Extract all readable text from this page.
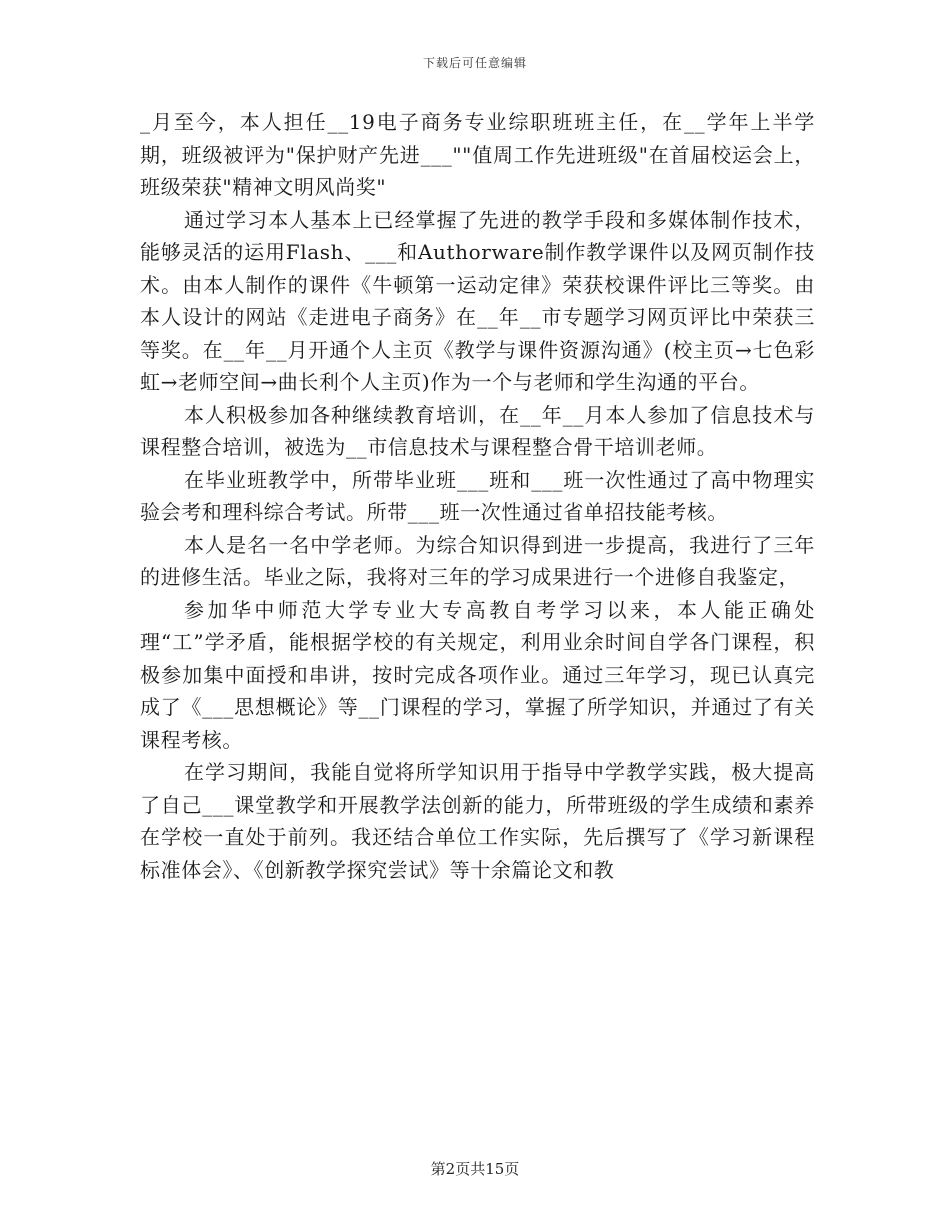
下载后可任意编辑

_月至今，本人担任__19电子商务专业综职班班主任，在__学年上半学期，班级被评为"保护财产先进___""值周工作先进班级"在首届校运会上，班级荣获"精神文明风尚奖"

通过学习本人基本上已经掌握了先进的教学手段和多媒体制作技术，能够灵活的运用Flash、___和Authorware制作教学课件以及网页制作技术。由本人制作的课件《牛顿第一运动定律》荣获校课件评比三等奖。由本人设计的网站《走进电子商务》在__年__市专题学习网页评比中荣获三等奖。在__年__月开通个人主页《教学与课件资源沟通》(校主页→七色彩虹→老师空间→曲长利个人主页)作为一个与老师和学生沟通的平台。

本人积极参加各种继续教育培训，在__年__月本人参加了信息技术与课程整合培训，被选为__市信息技术与课程整合骨干培训老师。

在毕业班教学中，所带毕业班___班和___班一次性通过了高中物理实验会考和理科综合考试。所带___班一次性通过省单招技能考核。

本人是名一名中学老师。为综合知识得到进一步提高，我进行了三年的进修生活。毕业之际，我将对三年的学习成果进行一个进修自我鉴定，

参加华中师范大学专业大专高教自考学习以来，本人能正确处理“工”学矛盾，能根据学校的有关规定，利用业余时间自学各门课程，积极参加集中面授和串讲，按时完成各项作业。通过三年学习，现已认真完成了《___思想概论》等__门课程的学习，掌握了所学知识，并通过了有关课程考核。

在学习期间，我能自觉将所学知识用于指导中学教学实践，极大提高了自己___课堂教学和开展教学法创新的能力，所带班级的学生成绩和素养在学校一直处于前列。我还结合单位工作实际，先后撰写了《学习新课程标准体会》、《创新教学探究尝试》等十余篇论文和教

第2页共15页
